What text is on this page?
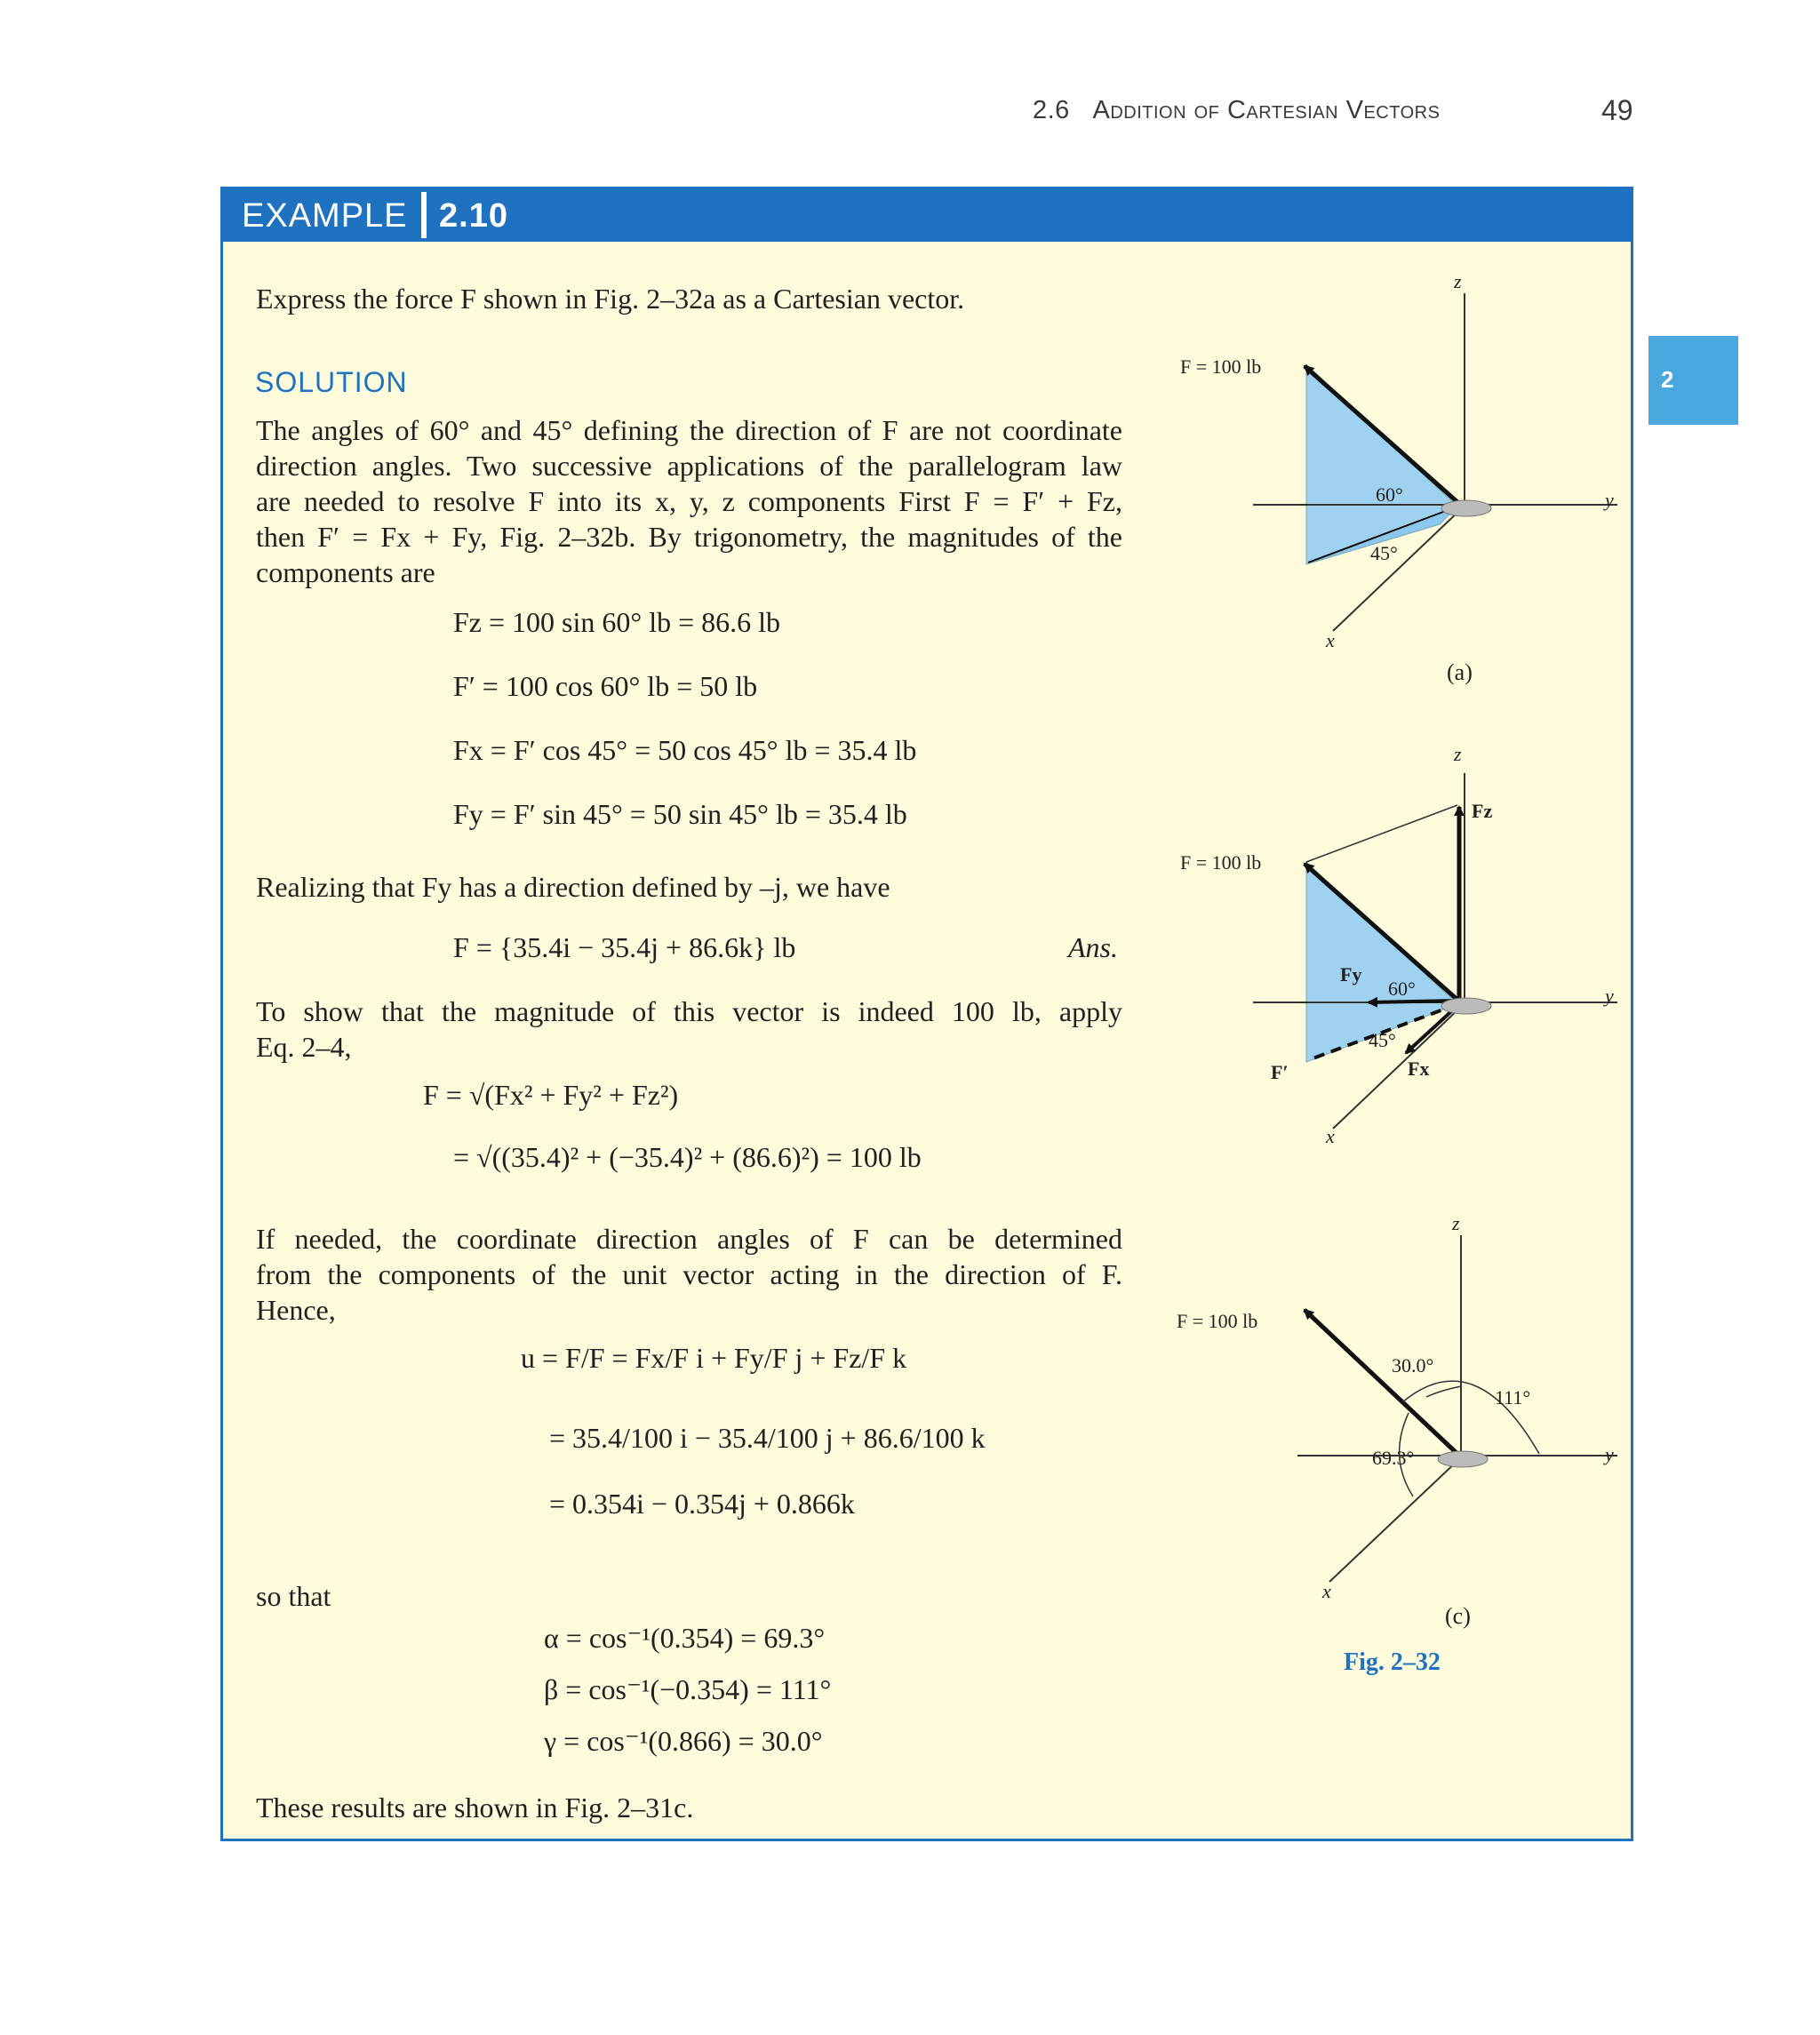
2.6 Addition of Cartesian Vectors	49
2
EXAMPLE 2.10
Express the force F shown in Fig. 2–32a as a Cartesian vector.
SOLUTION
The angles of 60° and 45° defining the direction of F are not coordinate
direction angles. Two successive applications of the parallelogram law
are needed to resolve F into its x, y, z components First F = F′ + Fz,
then F′ = Fx + Fy, Fig. 2–32b. By trigonometry, the magnitudes of the
components are
Fz = 100 sin 60° lb = 86.6 lb
F′ = 100 cos 60° lb = 50 lb
Fx = F′ cos 45° = 50 cos 45° lb = 35.4 lb
Fy = F′ sin 45° = 50 sin 45° lb = 35.4 lb
Realizing that Fy has a direction defined by –j, we have
F = {35.4i − 35.4j + 86.6k} lb	Ans.
To show that the magnitude of this vector is indeed 100 lb, apply
Eq. 2–4,
F = √(Fx² + Fy² + Fz²)
= √((35.4)² + (−35.4)² + (86.6)²) = 100 lb
If needed, the coordinate direction angles of F can be determined
from the components of the unit vector acting in the direction of F.
Hence,
u = F/F = Fx/F i + Fy/F j + Fz/F k
= 35.4/100 i − 35.4/100 j + 86.6/100 k
= 0.354i − 0.354j + 0.866k
so that
α = cos⁻¹(0.354) = 69.3°
β = cos⁻¹(−0.354) = 111°
γ = cos⁻¹(0.866) = 30.0°
These results are shown in Fig. 2–31c.
z
y
x
F = 100 lb
60°
45°
(a)
z
y
x
F = 100 lb
Fz
Fy
Fx
F′
60°
45°
z
y
x
F = 100 lb
30.0°
111°
69.3°
(c)
Fig. 2–32
